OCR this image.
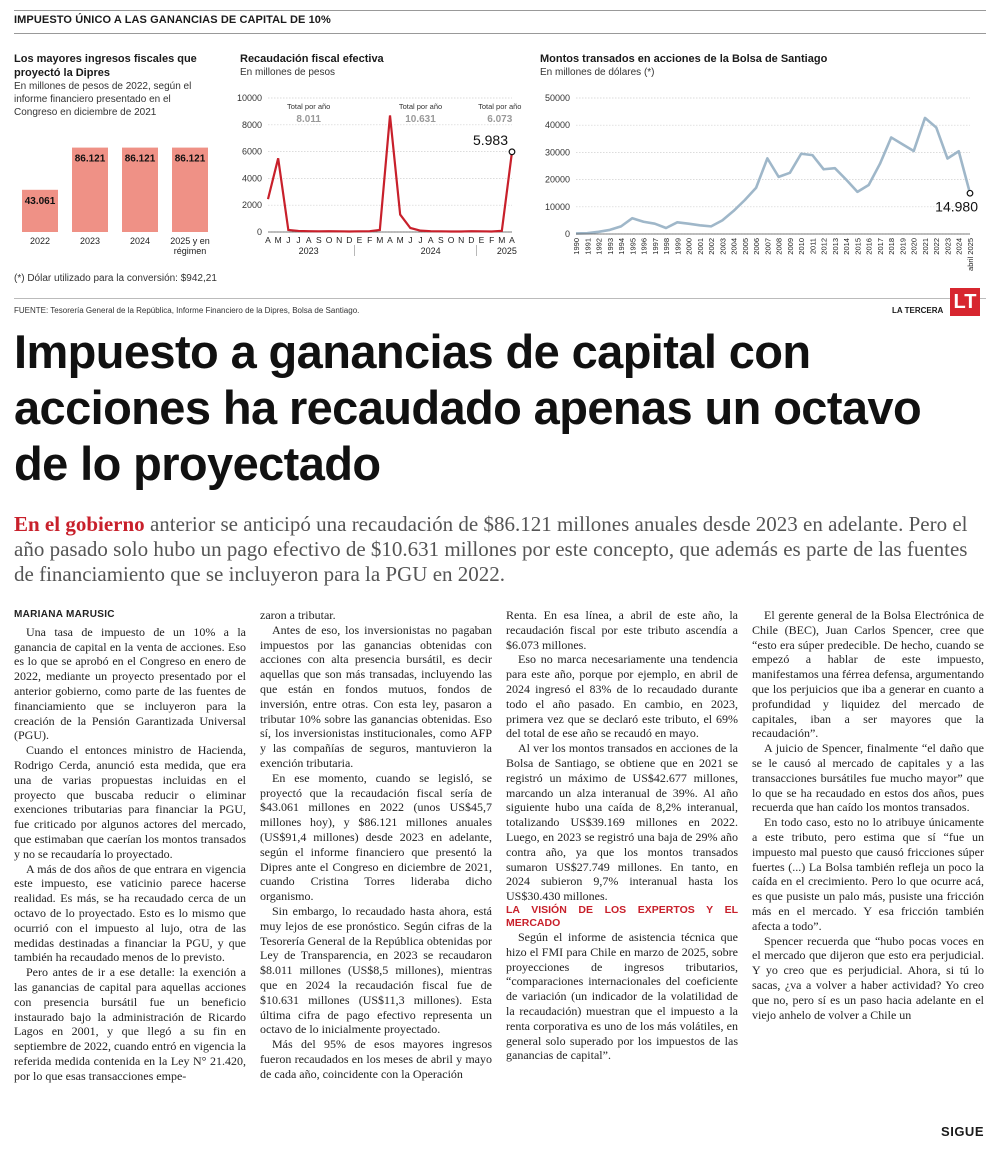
IMPUESTO ÚNICO A LAS GANANCIAS DE CAPITAL DE 10%
Los mayores ingresos fiscales que proyectó la Dipres
En millones de pesos de 2022, según el informe financiero presentado en el Congreso en diciembre de 2021
43.061
2022
86.121
2023
86.121
2024
86.121
2025 y en
régimen
Recaudación fiscal efectiva
En millones de pesos
0
2000
4000
6000
8000
10000
A M J J A S O N D E F M A M J J A S O N D E F M A
2023	2024	2025
Total por año
8.011
Total por año
10.631
Total por año
6.073
5.983
Montos transados en acciones de la Bolsa de Santiago
En millones de dólares (*)
0
10000
20000
30000
40000
50000
1990 1991 1992 1993 1994 1995 1996 1997 1998 1999 2000 2001 2002 2003 2004 2005 2006 2007 2008 2009 2010 2011 2012 2013 2014 2015 2016 2017 2018 2019 2020 2021 2022 2023 2024 abril 2025
14.980
(*) Dólar utilizado para la conversión: $942,21
FUENTE: Tesorería General de la República, Informe Financiero de la Dipres, Bolsa de Santiago.	LA TERCERA LT
Impuesto a ganancias de capital con acciones ha recaudado apenas un octavo de lo proyectado
En el gobierno anterior se anticipó una recaudación de $86.121 millones anuales desde 2023 en adelante. Pero el año pasado solo hubo un pago efectivo de $10.631 millones por este concepto, que además es parte de las fuentes de financiamiento que se incluyeron para la PGU en 2022.
MARIANA MARUSIC

Una tasa de impuesto de un 10% a la ganancia de capital en la venta de acciones. Eso es lo que se aprobó en el Congreso en enero de 2022, mediante un proyecto presentado por el anterior gobierno, como parte de las fuentes de financiamiento que se incluyeron para la creación de la Pensión Garantizada Universal (PGU).

Cuando el entonces ministro de Hacienda, Rodrigo Cerda, anunció esta medida, que era una de varias propuestas incluidas en el proyecto que buscaba reducir o eliminar exenciones tributarias para financiar la PGU, fue criticado por algunos actores del mercado, que estimaban que caerían los montos transados y no se recaudaría lo proyectado.

A más de dos años de que entrara en vigencia este impuesto, ese vaticinio parece hacerse realidad. Es más, se ha recaudado cerca de un octavo de lo proyectado. Esto es lo mismo que ocurrió con el impuesto al lujo, otra de las medidas destinadas a financiar la PGU, y que también ha recaudado menos de lo previsto.

Pero antes de ir a ese detalle: la exención a las ganancias de capital para aquellas acciones con presencia bursátil fue un beneficio instaurado bajo la administración de Ricardo Lagos en 2001, y que llegó a su fin en septiembre de 2022, cuando entró en vigencia la referida medida contenida en la Ley N° 21.420, por lo que esas transacciones empe-

zaron a tributar.

Antes de eso, los inversionistas no pagaban impuestos por las ganancias obtenidas con acciones con alta presencia bursátil, es decir aquellas que son más transadas, incluyendo las que están en fondos mutuos, fondos de inversión, entre otras. Con esta ley, pasaron a tributar 10% sobre las ganancias obtenidas. Eso sí, los inversionistas institucionales, como AFP y las compañías de seguros, mantuvieron la exención tributaria.

En ese momento, cuando se legisló, se proyectó que la recaudación fiscal sería de $43.061 millones en 2022 (unos US$45,7 millones hoy), y $86.121 millones anuales (US$91,4 millones) desde 2023 en adelante, según el informe financiero que presentó la Dipres ante el Congreso en diciembre de 2021, cuando Cristina Torres lideraba dicho organismo.

Sin embargo, lo recaudado hasta ahora, está muy lejos de ese pronóstico. Según cifras de la Tesorería General de la República obtenidas por Ley de Transparencia, en 2023 se recaudaron $8.011 millones (US$8,5 millones), mientras que en 2024 la recaudación fiscal fue de $10.631 millones (US$11,3 millones). Esta última cifra de pago efectivo representa un octavo de lo inicialmente proyectado.

Más del 95% de esos mayores ingresos fueron recaudados en los meses de abril y mayo de cada año, coincidente con la Operación

Renta. En esa línea, a abril de este año, la recaudación fiscal por este tributo ascendía a $6.073 millones.

Eso no marca necesariamente una tendencia para este año, porque por ejemplo, en abril de 2024 ingresó el 83% de lo recaudado durante todo el año pasado. En cambio, en 2023, primera vez que se declaró este tributo, el 69% del total de ese año se recaudó en mayo.

Al ver los montos transados en acciones de la Bolsa de Santiago, se obtiene que en 2021 se registró un máximo de US$42.677 millones, marcando un alza interanual de 39%. Al año siguiente hubo una caída de 8,2% interanual, totalizando US$39.169 millones en 2022. Luego, en 2023 se registró una baja de 29% año contra año, ya que los montos transados sumaron US$27.749 millones. En tanto, en 2024 subieron 9,7% interanual hasta los US$30.430 millones.

LA VISIÓN DE LOS EXPERTOS Y EL MERCADO

Según el informe de asistencia técnica que hizo el FMI para Chile en marzo de 2025, sobre proyecciones de ingresos tributarios, “comparaciones internacionales del coeficiente de variación (un indicador de la volatilidad de la recaudación) muestran que el impuesto a la renta corporativa es uno de los más volátiles, en general solo superado por los impuestos de las ganancias de capital”.

El gerente general de la Bolsa Electrónica de Chile (BEC), Juan Carlos Spencer, cree que “esto era súper predecible. De hecho, cuando se empezó a hablar de este impuesto, manifestamos una férrea defensa, argumentando que los perjuicios que iba a generar en cuanto a profundidad y liquidez del mercado de capitales, iban a ser mayores que la recaudación”.

A juicio de Spencer, finalmente “el daño que se le causó al mercado de capitales y a las transacciones bursátiles fue mucho mayor” que lo que se ha recaudado en estos dos años, pues recuerda que han caído los montos transados.

En todo caso, esto no lo atribuye únicamente a este tributo, pero estima que sí “fue un impuesto mal puesto que causó fricciones súper fuertes (...) La Bolsa también refleja un poco la caída en el crecimiento. Pero lo que ocurre acá, es que pusiste un palo más, pusiste una fricción más en el mercado. Y esa fricción también afecta a todo”.

Spencer recuerda que “hubo pocas voces en el mercado que dijeron que esto era perjudicial. Y yo creo que es perjudicial. Ahora, si tú lo sacas, ¿va a volver a haber actividad? Yo creo que no, pero sí es un paso hacia adelante en el viejo anhelo de volver a Chile un

SIGUE
